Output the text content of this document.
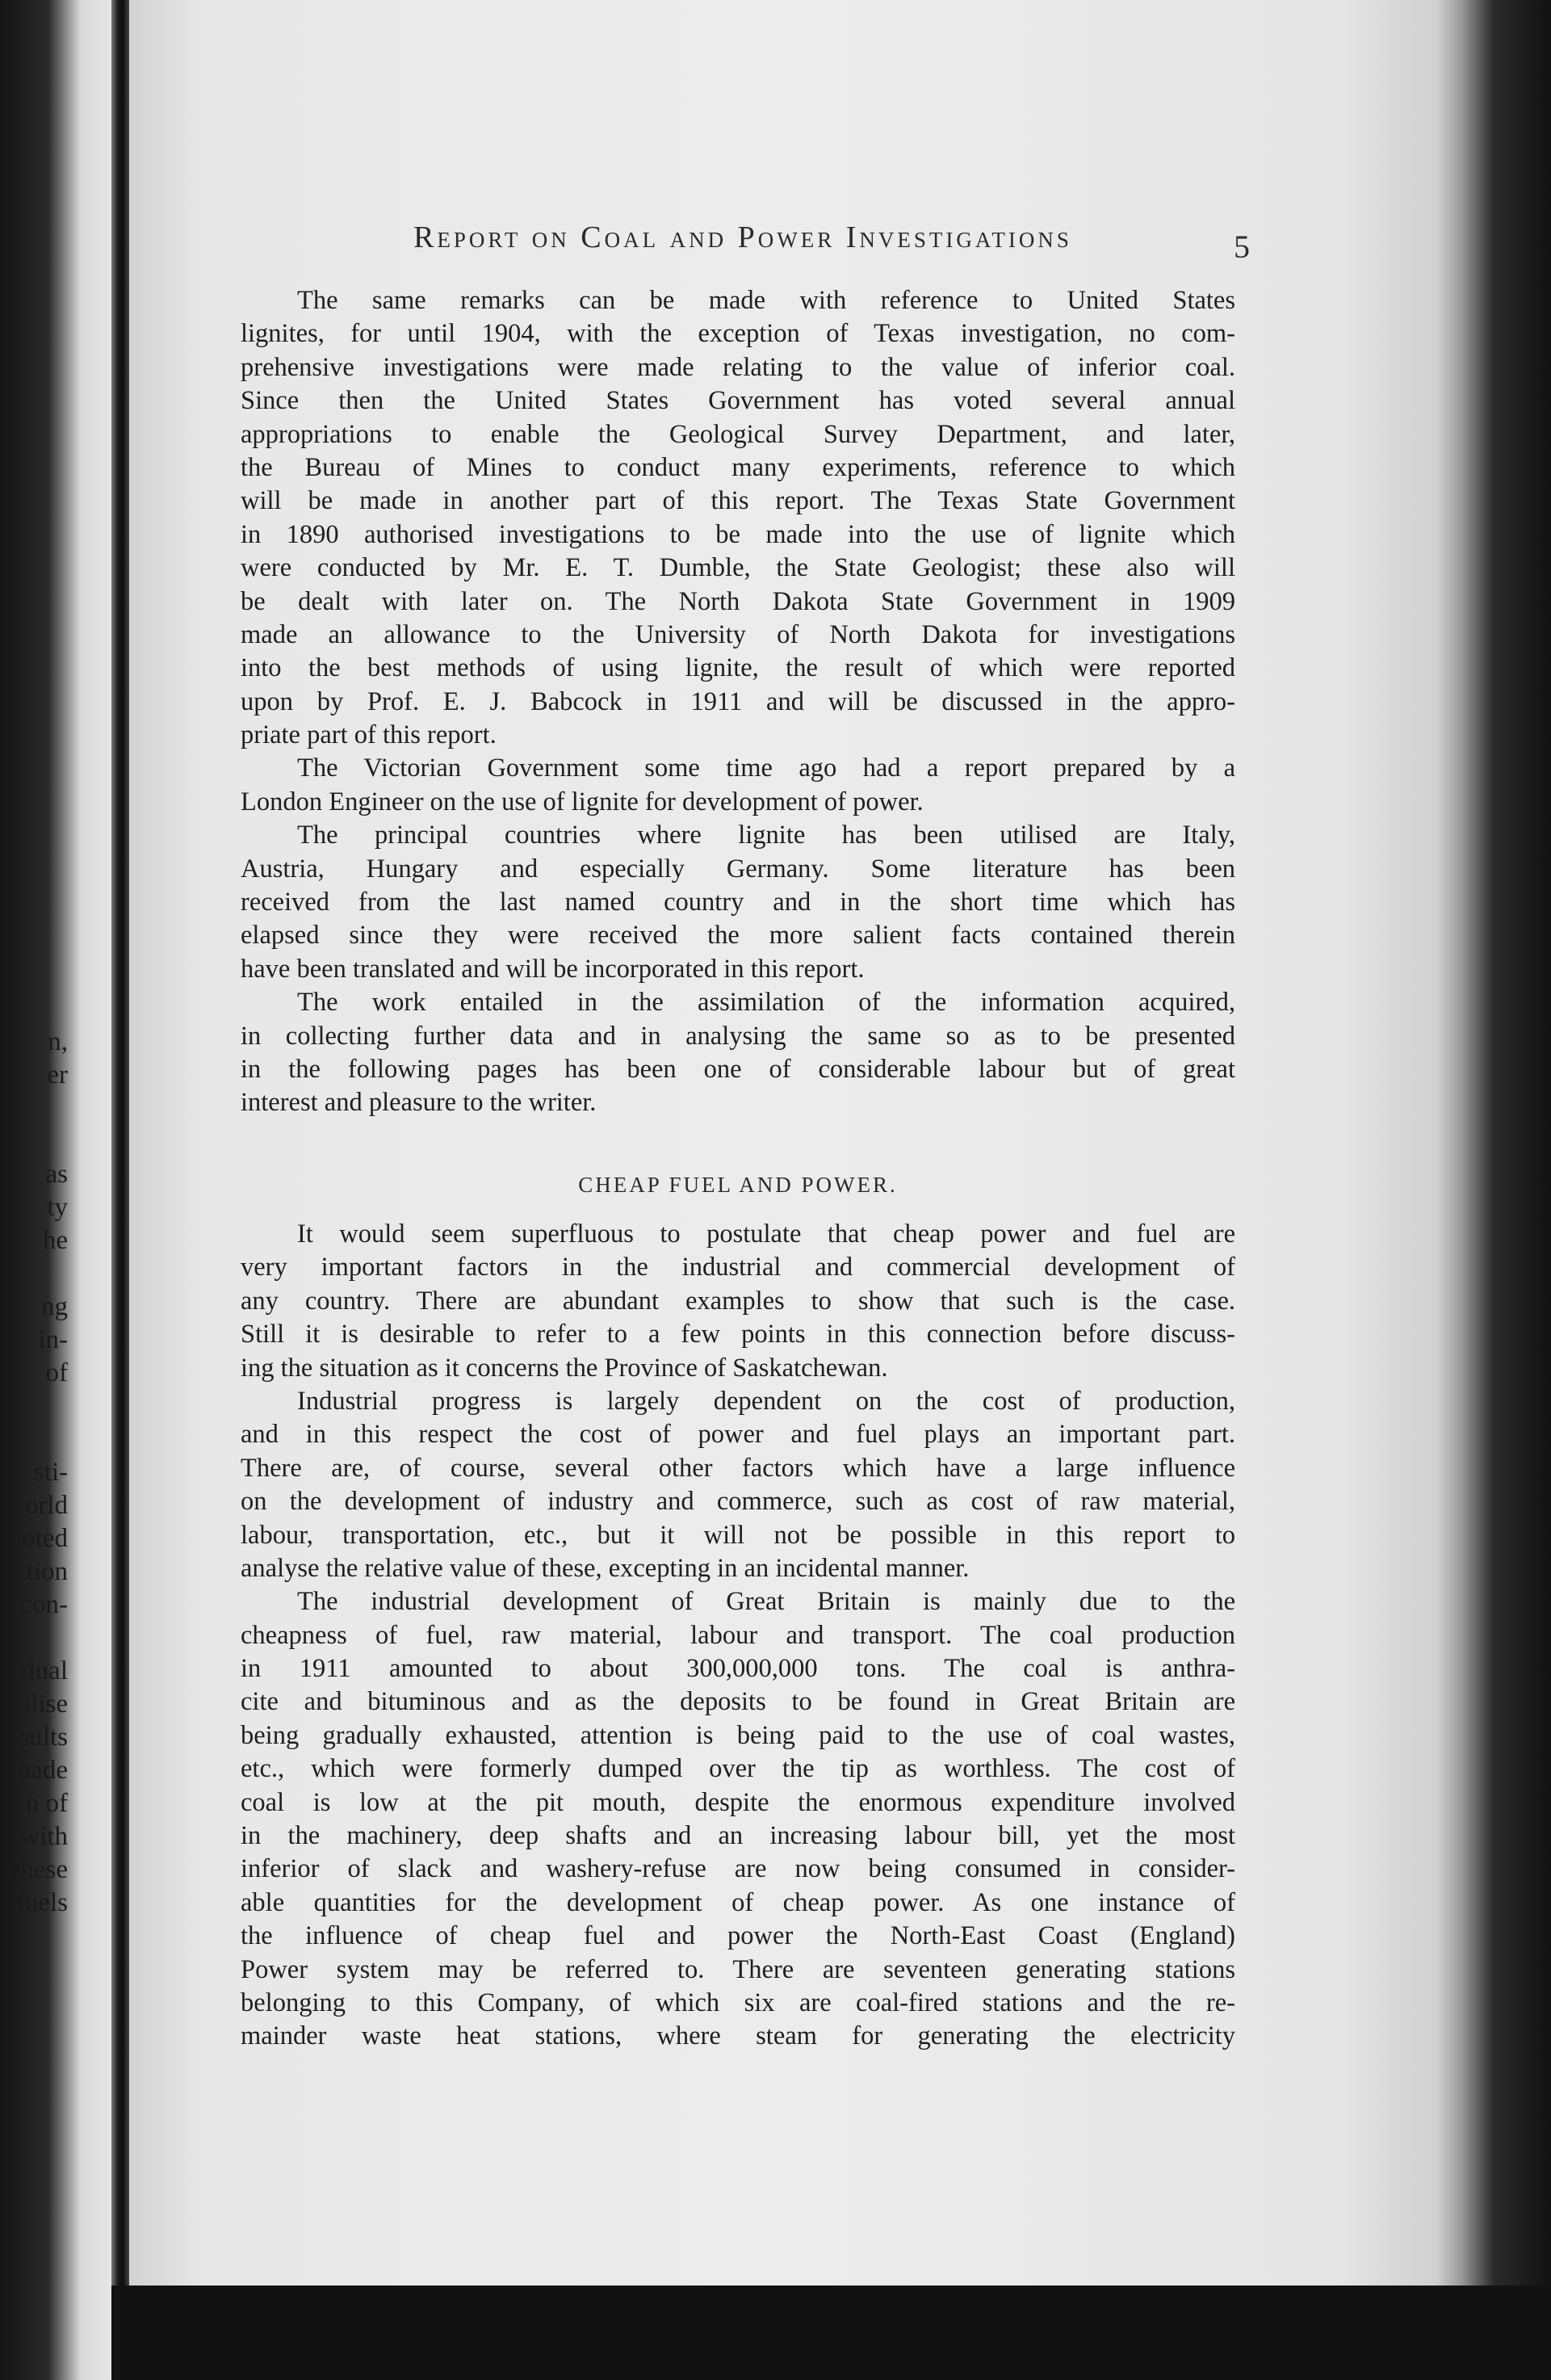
n,
er
as
ty
he
ng
in-
of
sti-
orld
oted
tion
con-
dual
ilise
sults
nade
n of
with
these
fuels
Report on Coal and Power Investigations	5
The same remarks can be made with reference to United States
lignites, for until 1904, with the exception of Texas investigation, no com-
prehensive investigations were made relating to the value of inferior coal.
Since then the United States Government has voted several annual
appropriations to enable the Geological Survey Department, and later,
the Bureau of Mines to conduct many experiments, reference to which
will be made in another part of this report. The Texas State Government
in 1890 authorised investigations to be made into the use of lignite which
were conducted by Mr. E. T. Dumble, the State Geologist; these also will
be dealt with later on. The North Dakota State Government in 1909
made an allowance to the University of North Dakota for investigations
into the best methods of using lignite, the result of which were reported
upon by Prof. E. J. Babcock in 1911 and will be discussed in the appro-
priate part of this report.
The Victorian Government some time ago had a report prepared by a
London Engineer on the use of lignite for development of power.
The principal countries where lignite has been utilised are Italy,
Austria, Hungary and especially Germany. Some literature has been
received from the last named country and in the short time which has
elapsed since they were received the more salient facts contained therein
have been translated and will be incorporated in this report.
The work entailed in the assimilation of the information acquired,
in collecting further data and in analysing the same so as to be presented
in the following pages has been one of considerable labour but of great
interest and pleasure to the writer.
CHEAP FUEL AND POWER.
It would seem superfluous to postulate that cheap power and fuel are
very important factors in the industrial and commercial development of
any country. There are abundant examples to show that such is the case.
Still it is desirable to refer to a few points in this connection before discuss-
ing the situation as it concerns the Province of Saskatchewan.
Industrial progress is largely dependent on the cost of production,
and in this respect the cost of power and fuel plays an important part.
There are, of course, several other factors which have a large influence
on the development of industry and commerce, such as cost of raw material,
labour, transportation, etc., but it will not be possible in this report to
analyse the relative value of these, excepting in an incidental manner.
The industrial development of Great Britain is mainly due to the
cheapness of fuel, raw material, labour and transport. The coal production
in 1911 amounted to about 300,000,000 tons. The coal is anthra-
cite and bituminous and as the deposits to be found in Great Britain are
being gradually exhausted, attention is being paid to the use of coal wastes,
etc., which were formerly dumped over the tip as worthless. The cost of
coal is low at the pit mouth, despite the enormous expenditure involved
in the machinery, deep shafts and an increasing labour bill, yet the most
inferior of slack and washery-refuse are now being consumed in consider-
able quantities for the development of cheap power. As one instance of
the influence of cheap fuel and power the North-East Coast (England)
Power system may be referred to. There are seventeen generating stations
belonging to this Company, of which six are coal-fired stations and the re-
mainder waste heat stations, where steam for generating the electricity
